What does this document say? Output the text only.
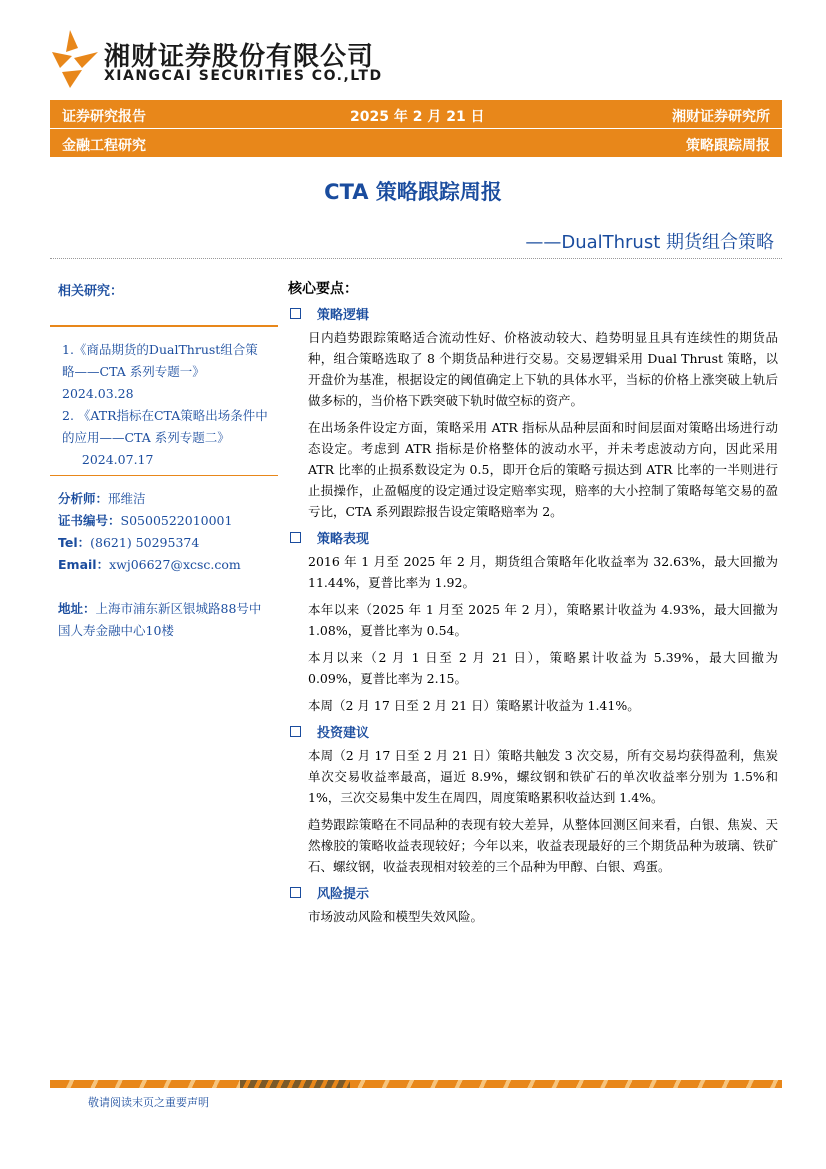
湘财证券股份有限公司
XIANGCAI SECURITIES CO.,LTD
证券研究报告	2025 年 2 月 21 日	湘财证券研究所
金融工程研究	策略跟踪周报
CTA 策略跟踪周报
——DualThrust 期货组合策略
相关研究：
1.《商品期货的DualThrust组合策略——CTA 系列专题一》
2024.03.28
2. 《ATR指标在CTA策略出场条件中的应用——CTA 系列专题二》      2024.07.17
分析师：邢维洁
证书编号：S0500522010001
Tel：(8621) 50295374
Email：xwj06627@xcsc.com
地址：上海市浦东新区银城路88号中国人寿金融中心10楼
核心要点：
策略逻辑

日内趋势跟踪策略适合流动性好、价格波动较大、趋势明显且具有连续性的期货品种，组合策略选取了 8 个期货品种进行交易。交易逻辑采用 Dual Thrust 策略，以开盘价为基准，根据设定的阈值确定上下轨的具体水平，当标的价格上涨突破上轨后做多标的，当价格下跌突破下轨时做空标的资产。

在出场条件设定方面，策略采用 ATR 指标从品种层面和时间层面对策略出场进行动态设定。考虑到 ATR 指标是价格整体的波动水平，并未考虑波动方向，因此采用 ATR 比率的止损系数设定为 0.5，即开仓后的策略亏损达到 ATR 比率的一半则进行止损操作，止盈幅度的设定通过设定赔率实现，赔率的大小控制了策略每笔交易的盈亏比，CTA 系列跟踪报告设定策略赔率为 2。

策略表现

2016 年 1 月至 2025 年 2 月，期货组合策略年化收益率为 32.63%，最大回撤为 11.44%，夏普比率为 1.92。

本年以来（2025 年 1 月至 2025 年 2 月），策略累计收益为 4.93%，最大回撤为 1.08%，夏普比率为 0.54。

本月以来（2 月 1 日至 2 月 21 日），策略累计收益为 5.39%，最大回撤为 0.09%，夏普比率为 2.15。

本周（2 月 17 日至 2 月 21 日）策略累计收益为 1.41%。

投资建议

本周（2 月 17 日至 2 月 21 日）策略共触发 3 次交易，所有交易均获得盈利，焦炭单次交易收益率最高，逼近 8.9%，螺纹钢和铁矿石的单次收益率分别为 1.5%和 1%，三次交易集中发生在周四，周度策略累积收益达到 1.4%。

趋势跟踪策略在不同品种的表现有较大差异，从整体回测区间来看，白银、焦炭、天然橡胶的策略收益表现较好；今年以来，收益表现最好的三个期货品种为玻璃、铁矿石、螺纹钢，收益表现相对较差的三个品种为甲醇、白银、鸡蛋。

风险提示

市场波动风险和模型失效风险。

敬请阅读末页之重要声明
